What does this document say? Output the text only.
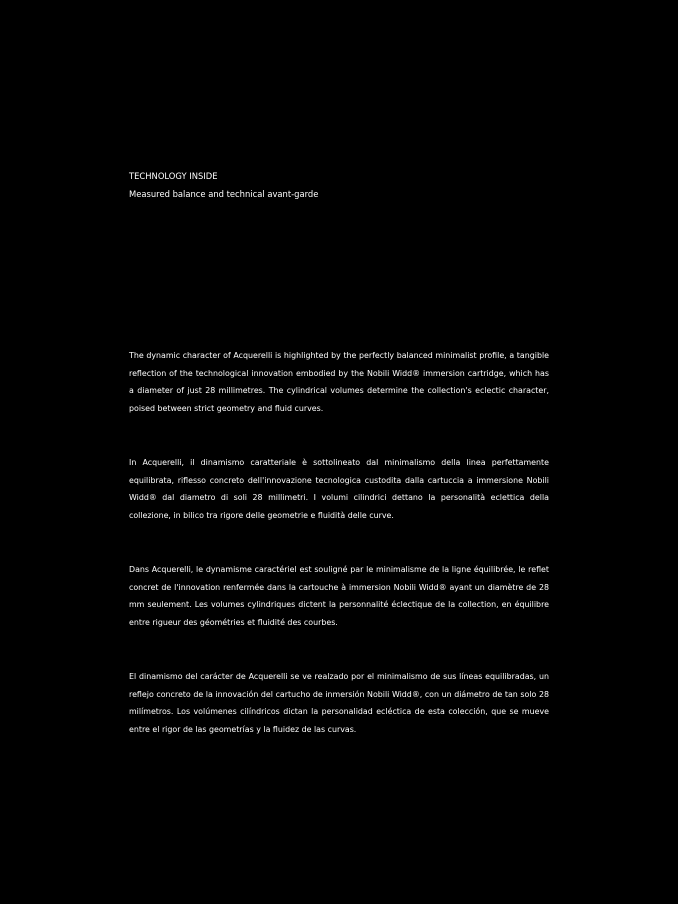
TECHNOLOGY INSIDE

Measured balance and technical avant-garde

The dynamic character of Acquerelli is highlighted by the perfectly balanced minimalist profile, a tangible reflection of the technological innovation embodied by the Nobili Widd® immersion cartridge, which has a diameter of just 28 millimetres. The cylindrical volumes determine the collection's eclectic character, poised between strict geometry and fluid curves.

In Acquerelli, il dinamismo caratteriale è sottolineato dal minimalismo della linea perfettamente equilibrata, riflesso concreto dell'innovazione tecnologica custodita dalla cartuccia a immersione Nobili Widd® dal diametro di soli 28 millimetri. I volumi cilindrici dettano la personalità eclettica della collezione, in bilico tra rigore delle geometrie e fluidità delle curve.

Dans Acquerelli, le dynamisme caractériel est souligné par le minimalisme de la ligne équilibrée, le reflet concret de l'innovation renfermée dans la cartouche à immersion Nobili Widd® ayant un diamètre de 28 mm seulement. Les volumes cylindriques dictent la personnalité éclectique de la collection, en équilibre entre rigueur des géométries et fluidité des courbes.

El dinamismo del carácter de Acquerelli se ve realzado por el minimalismo de sus líneas equilibradas, un reflejo concreto de la innovación del cartucho de inmersión Nobili Widd®, con un diámetro de tan solo 28 milímetros. Los volúmenes cilíndricos dictan la personalidad ecléctica de esta colección, que se mueve entre el rigor de las geometrías y la fluidez de las curvas.
